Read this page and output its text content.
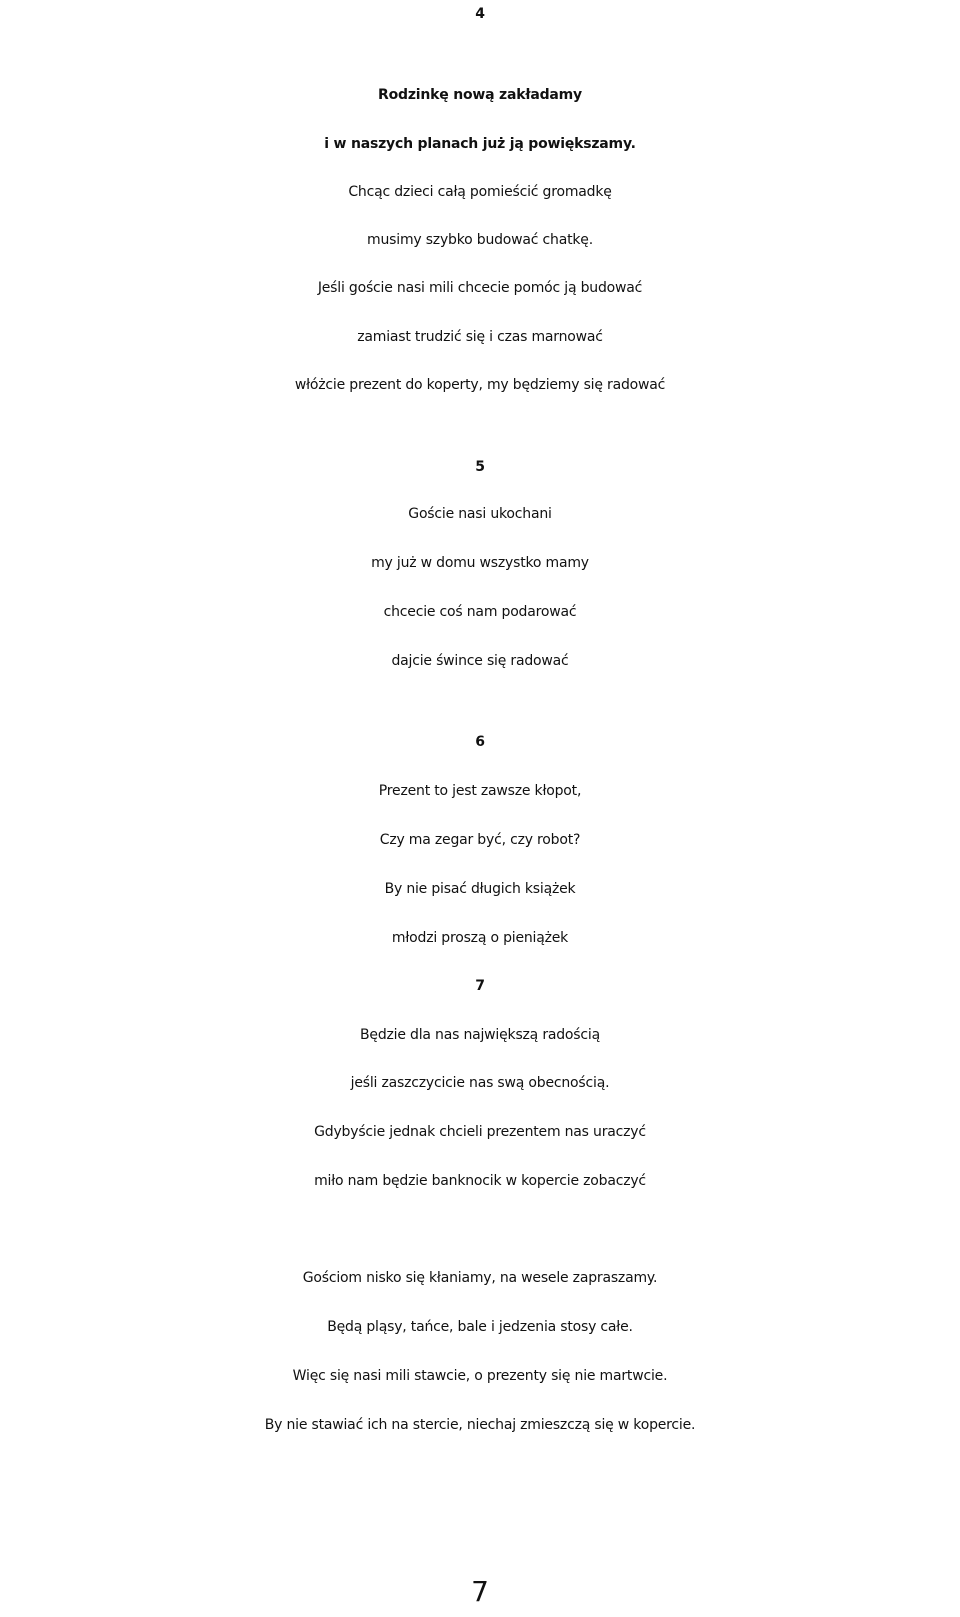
4
Rodzinkę nową zakładamy
i w naszych planach już ją powiększamy.
Chcąc dzieci całą pomieścić gromadkę
musimy szybko budować chatkę.
Jeśli goście nasi mili chcecie pomóc ją budować
zamiast trudzić się i czas marnować
włóżcie prezent do koperty, my będziemy się radować
5
Goście nasi ukochani
my już w domu wszystko mamy
chcecie coś nam podarować
dajcie śwince się radować
6
Prezent to jest zawsze kłopot,
Czy ma zegar być, czy robot?
By nie pisać długich książek
młodzi proszą o pieniążek
7
Będzie dla nas największą radością
jeśli zaszczycicie nas swą obecnością.
Gdybyście jednak chcieli prezentem nas uraczyć
miło nam będzie banknocik w kopercie zobaczyć
Gościom nisko się kłaniamy, na wesele zapraszamy.
Będą pląsy, tańce, bale i jedzenia stosy całe.
Więc się nasi mili stawcie, o prezenty się nie martwcie.
By nie stawiać ich na stercie, niechaj zmieszczą się w kopercie.
7
